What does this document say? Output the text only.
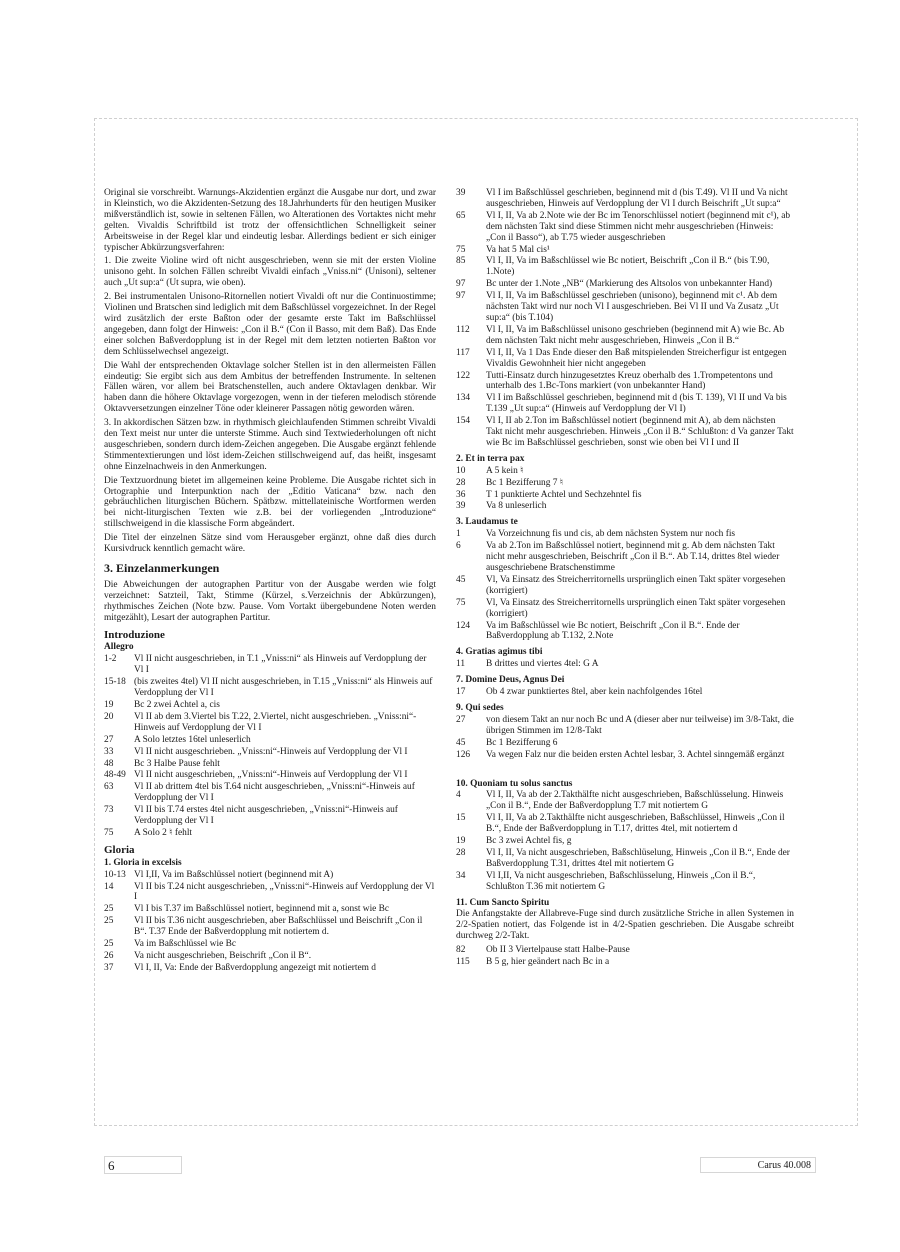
Original sie vorschreibt. Warnungs-Akzidentien ergänzt die Ausgabe nur dort, und zwar in Kleinstich, wo die Akzidenten-Setzung des 18.Jahrhunderts für den heutigen Musiker mißverständlich ist, sowie in seltenen Fällen, wo Alterationen des Vortaktes nicht mehr gelten. Vivaldis Schriftbild ist trotz der offensichtlichen Schnelligkeit seiner Arbeitsweise in der Regel klar und eindeutig lesbar. Allerdings bedient er sich einiger typischer Abkürzungsverfahren:

1. Die zweite Violine wird oft nicht ausgeschrieben, wenn sie mit der ersten Violine unisono geht. In solchen Fällen schreibt Vivaldi einfach „Vniss.ni“ (Unisoni), seltener auch „Ut sup:a“ (Ut supra, wie oben).

2. Bei instrumentalen Unisono-Ritornellen notiert Vivaldi oft nur die Continuostimme; Violinen und Bratschen sind lediglich mit dem Baßschlüssel vorgezeichnet. In der Regel wird zusätzlich der erste Baßton oder der gesamte erste Takt im Baßschlüssel angegeben, dann folgt der Hinweis: „Con il B.“ (Con il Basso, mit dem Baß). Das Ende einer solchen Baßverdopplung ist in der Regel mit dem letzten notierten Baßton vor dem Schlüsselwechsel angezeigt.

Die Wahl der entsprechenden Oktavlage solcher Stellen ist in den allermeisten Fällen eindeutig: Sie ergibt sich aus dem Ambitus der betreffenden Instrumente. In seltenen Fällen wären, vor allem bei Bratschenstellen, auch andere Oktavlagen denkbar. Wir haben dann die höhere Oktavlage vorgezogen, wenn in der tieferen melodisch störende Oktavversetzungen einzelner Töne oder kleinerer Passagen nötig geworden wären.

3. In akkordischen Sätzen bzw. in rhythmisch gleichlaufenden Stimmen schreibt Vivaldi den Text meist nur unter die unterste Stimme. Auch sind Textwiederholungen oft nicht ausgeschrieben, sondern durch idem-Zeichen angegeben. Die Ausgabe ergänzt fehlende Stimmentextierungen und löst idem-Zeichen stillschweigend auf, das heißt, insgesamt ohne Einzelnachweis in den Anmerkungen.

Die Textzuordnung bietet im allgemeinen keine Probleme. Die Ausgabe richtet sich in Ortographie und Interpunktion nach der „Editio Vaticana“ bzw. nach den gebräuchlichen liturgischen Büchern. Spätbzw. mittellateinische Wortformen werden bei nicht-liturgischen Texten wie z.B. bei der vorliegenden „Introduzione“ stillschweigend in die klassische Form abgeändert.

Die Titel der einzelnen Sätze sind vom Herausgeber ergänzt, ohne daß dies durch Kursivdruck kenntlich gemacht wäre.

3. Einzelanmerkungen

Die Abweichungen der autographen Partitur von der Ausgabe werden wie folgt verzeichnet: Satzteil, Takt, Stimme (Kürzel, s.Verzeichnis der Abkürzungen), rhythmisches Zeichen (Note bzw. Pause. Vom Vortakt übergebundene Noten werden mitgezählt), Lesart der autographen Partitur.

Introduzione
Allegro
1-2	Vl II nicht ausgeschrieben, in T.1 „Vniss:ni“ als Hinweis auf Verdopplung der Vl I
15-18 (bis zweites 4tel) Vl II nicht ausgeschrieben, in T.15 „Vniss:ni“ als Hinweis auf Verdopplung der Vl I
19	Bc 2 zwei Achtel a, cis
20	Vl II ab dem 3.Viertel bis T.22, 2.Viertel, nicht ausgeschrieben. „Vniss:ni“-Hinweis auf Verdopplung der Vl I
27	A Solo letztes 16tel unleserlich
33	Vl II nicht ausgeschrieben. „Vniss:ni“-Hinweis auf Verdopplung der Vl I
48	Bc 3 Halbe Pause fehlt
48-49 Vl II nicht ausgeschrieben, „Vniss:ni“-Hinweis auf Verdopplung der Vl I
63	Vl II ab drittem 4tel bis T.64 nicht ausgeschrieben, „Vniss:ni“-Hinweis auf Verdopplung der Vl I
73	Vl II bis T.74 erstes 4tel nicht ausgeschrieben, „Vniss:ni“-Hinweis auf Verdopplung der Vl I
75	A Solo 2 ♮ fehlt
Gloria
1. Gloria in excelsis
10-13 Vl I,II, Va im Baßschlüssel notiert (beginnend mit A)
14	Vl II bis T.24 nicht ausgeschrieben, „Vniss:ni“-Hinweis auf Verdopplung der Vl I
25	Vl I bis T.37 im Baßschlüssel notiert, beginnend mit a, sonst wie Bc
25	Vl II bis T.36 nicht ausgeschrieben, aber Baßschlüssel und Beischrift „Con il B“. T.37 Ende der Baßverdopplung mit notiertem d.
25	Va im Baßschlüssel wie Bc
26	Va nicht ausgeschrieben, Beischrift „Con il B“.
37	Vl I, II, Va: Ende der Baßverdopplung angezeigt mit notiertem d
39	Vl I im Baßschlüssel geschrieben, beginnend mit d (bis T.49). Vl II und Va nicht ausgeschrieben, Hinweis auf Verdopplung der Vl I durch Beischrift „Ut sup:a“
65	Vl I, II, Va ab 2.Note wie der Bc im Tenorschlüssel notiert (beginnend mit c¹), ab dem nächsten Takt sind diese Stimmen nicht mehr ausgeschrieben (Hinweis: „Con il Basso“), ab T.75 wieder ausgeschrieben
75	Va hat 5 Mal cis¹
85	Vl I, II, Va im Baßschlüssel wie Bc notiert, Beischrift „Con il B.“ (bis T.90, 1.Note)
97	Bc unter der 1.Note „NB“ (Markierung des Altsolos von unbekannter Hand)
97	Vl I, II, Va im Baßschlüssel geschrieben (unisono), beginnend mit c¹. Ab dem nächsten Takt wird nur noch Vl I ausgeschrieben. Bei Vl II und Va Zusatz „Ut sup:a“ (bis T.104)
112	Vl I, II, Va im Baßschlüssel unisono geschrieben (beginnend mit A) wie Bc. Ab dem nächsten Takt nicht mehr ausgeschrieben, Hinweis „Con il B.“
117	Vl I, II, Va 1 Das Ende dieser den Baß mitspielenden Streicherfigur ist entgegen Vivaldis Gewohnheit hier nicht angegeben
122	Tutti-Einsatz durch hinzugesetztes Kreuz oberhalb des 1.Trompetentons und unterhalb des 1.Bc-Tons markiert (von unbekannter Hand)
134	Vl I im Baßschlüssel geschrieben, beginnend mit d (bis T. 139), Vl II und Va bis T.139 „Ut sup:a“ (Hinweis auf Verdopplung der Vl I)
154	Vl I, II ab 2.Ton im Baßschlüssel notiert (beginnend mit A), ab dem nächsten Takt nicht mehr ausgeschrieben. Hinweis „Con il B.“ Schlußton: d Va ganzer Takt wie Bc im Baßschlüssel geschrieben, sonst wie oben bei Vl I und II
2. Et in terra pax
10	A 5 kein ♮
28	Bc 1 Bezifferung 7 ♮
36	T 1 punktierte Achtel und Sechzehntel fis
39	Va 8 unleserlich
3. Laudamus te
1	Va Vorzeichnung fis und cis, ab dem nächsten System nur noch fis
6	Va ab 2.Ton im Baßschlüssel notiert, beginnend mit g. Ab dem nächsten Takt nicht mehr ausgeschrieben, Beischrift „Con il B.“. Ab T.14, drittes 8tel wieder ausgeschriebene Bratschenstimme
45	Vl, Va Einsatz des Streicherritornells ursprünglich einen Takt später vorgesehen (korrigiert)
75	Vl, Va Einsatz des Streicherritornells ursprünglich einen Takt später vorgesehen (korrigiert)
124	Va im Baßschlüssel wie Bc notiert, Beischrift „Con il B.“. Ende der Baßverdopplung ab T.132, 2.Note
4. Gratias agimus tibi
11	B drittes und viertes 4tel: G A
7. Domine Deus, Agnus Dei
17	Ob 4 zwar punktiertes 8tel, aber kein nachfolgendes 16tel
9. Qui sedes
27	von diesem Takt an nur noch Bc und A (dieser aber nur teilweise) im 3/8-Takt, die übrigen Stimmen im 12/8-Takt
45	Bc 1 Bezifferung 6
126	Va wegen Falz nur die beiden ersten Achtel lesbar, 3. Achtel sinngemäß ergänzt
10. Quoniam tu solus sanctus
4	Vl I, II, Va ab der 2.Takthälfte nicht ausgeschrieben, Baßschlüsselung. Hinweis „Con il B.“, Ende der Baßverdopplung T.7 mit notiertem G
15	Vl I, II, Va ab 2.Takthälfte nicht ausgeschrieben, Baßschlüssel, Hinweis „Con il B.“, Ende der Baßverdopplung in T.17, drittes 4tel, mit notiertem d
19	Bc 3 zwei Achtel fis, g
28	Vl I, II, Va nicht ausgeschrieben, Baßschlüselung, Hinweis „Con il B.“, Ende der Baßverdopplung T.31, drittes 4tel mit notiertem G
34	Vl I,II, Va nicht ausgeschrieben, Baßschlüsselung, Hinweis „Con il B.“, Schlußton T.36 mit notiertem G
11. Cum Sancto Spiritu

Die Anfangstakte der Allabreve-Fuge sind durch zusätzliche Striche in allen Systemen in 2/2-Spatien notiert, das Folgende ist in 4/2-Spatien geschrieben. Die Ausgabe schreibt durchweg 2/2-Takt.

82	Ob II 3 Viertelpause statt Halbe-Pause
115	B 5 g, hier geändert nach Bc in a
6	Carus 40.008
